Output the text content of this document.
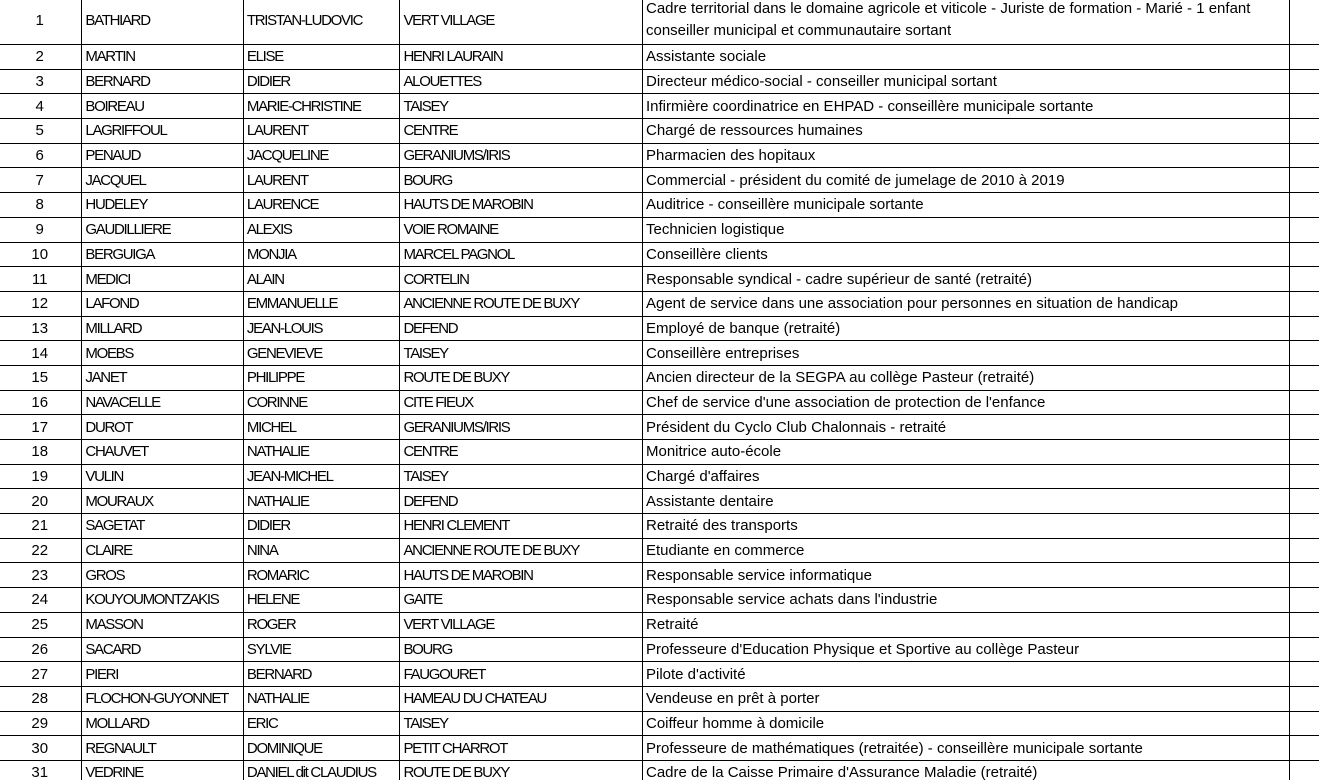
1	BATHIARD	TRISTAN-LUDOVIC	VERT VILLAGE	Cadre territorial dans le domaine agricole et viticole - Juriste de formation - Marié - 1 enfant conseiller municipal et communautaire sortant	

2	MARTIN	ELISE	HENRI LAURAIN	Assistante sociale	
3	BERNARD	DIDIER	ALOUETTES	Directeur médico-social - conseiller municipal sortant	
4	BOIREAU	MARIE-CHRISTINE	TAISEY	Infirmière coordinatrice en EHPAD - conseillère municipale sortante	
5	LAGRIFFOUL	LAURENT	CENTRE	Chargé de ressources humaines	
6	PENAUD	JACQUELINE	GERANIUMS/IRIS	Pharmacien des hopitaux	
7	JACQUEL	LAURENT	BOURG	Commercial - président du comité de jumelage de 2010 à 2019	
8	HUDELEY	LAURENCE	HAUTS DE MAROBIN	Auditrice - conseillère municipale sortante	
9	GAUDILLIERE	ALEXIS	VOIE ROMAINE	Technicien logistique	
10	BERGUIGA	MONJIA	MARCEL PAGNOL	Conseillère clients	
11	MEDICI	ALAIN	CORTELIN	Responsable syndical - cadre supérieur de santé (retraité)	
12	LAFOND	EMMANUELLE	ANCIENNE ROUTE DE BUXY	Agent de service dans une association pour personnes en situation de handicap	
13	MILLARD	JEAN-LOUIS	DEFEND	Employé de banque (retraité)	
14	MOEBS	GENEVIEVE	TAISEY	Conseillère entreprises	
15	JANET	PHILIPPE	ROUTE DE BUXY	Ancien directeur de la SEGPA au collège Pasteur (retraité)	
16	NAVACELLE	CORINNE	CITE FIEUX	Chef de service d'une association de protection de l'enfance	
17	DUROT	MICHEL	GERANIUMS/IRIS	Président du Cyclo Club Chalonnais - retraité	
18	CHAUVET	NATHALIE	CENTRE	Monitrice auto-école	
19	VULIN	JEAN-MICHEL	TAISEY	Chargé d'affaires	
20	MOURAUX	NATHALIE	DEFEND	Assistante dentaire	
21	SAGETAT	DIDIER	HENRI CLEMENT	Retraité des transports	
22	CLAIRE	NINA	ANCIENNE ROUTE DE BUXY	Etudiante en commerce	
23	GROS	ROMARIC	HAUTS DE MAROBIN	Responsable service informatique	
24	KOUYOUMONTZAKIS	HELENE	GAITE	Responsable service achats dans l'industrie	
25	MASSON	ROGER	VERT VILLAGE	Retraité	
26	SACARD	SYLVIE	BOURG	Professeure d'Education Physique et Sportive au collège Pasteur	
27	PIERI	BERNARD	FAUGOURET	Pilote d'activité	
28	FLOCHON-GUYONNET	NATHALIE	HAMEAU DU CHATEAU	Vendeuse en prêt à porter	
29	MOLLARD	ERIC	TAISEY	Coiffeur homme à domicile	
30	REGNAULT	DOMINIQUE	PETIT CHARROT	Professeure de mathématiques (retraitée) - conseillère municipale sortante	
31	VEDRINE	DANIEL dit CLAUDIUS	ROUTE DE BUXY	Cadre de la Caisse Primaire d'Assurance Maladie (retraité)	
